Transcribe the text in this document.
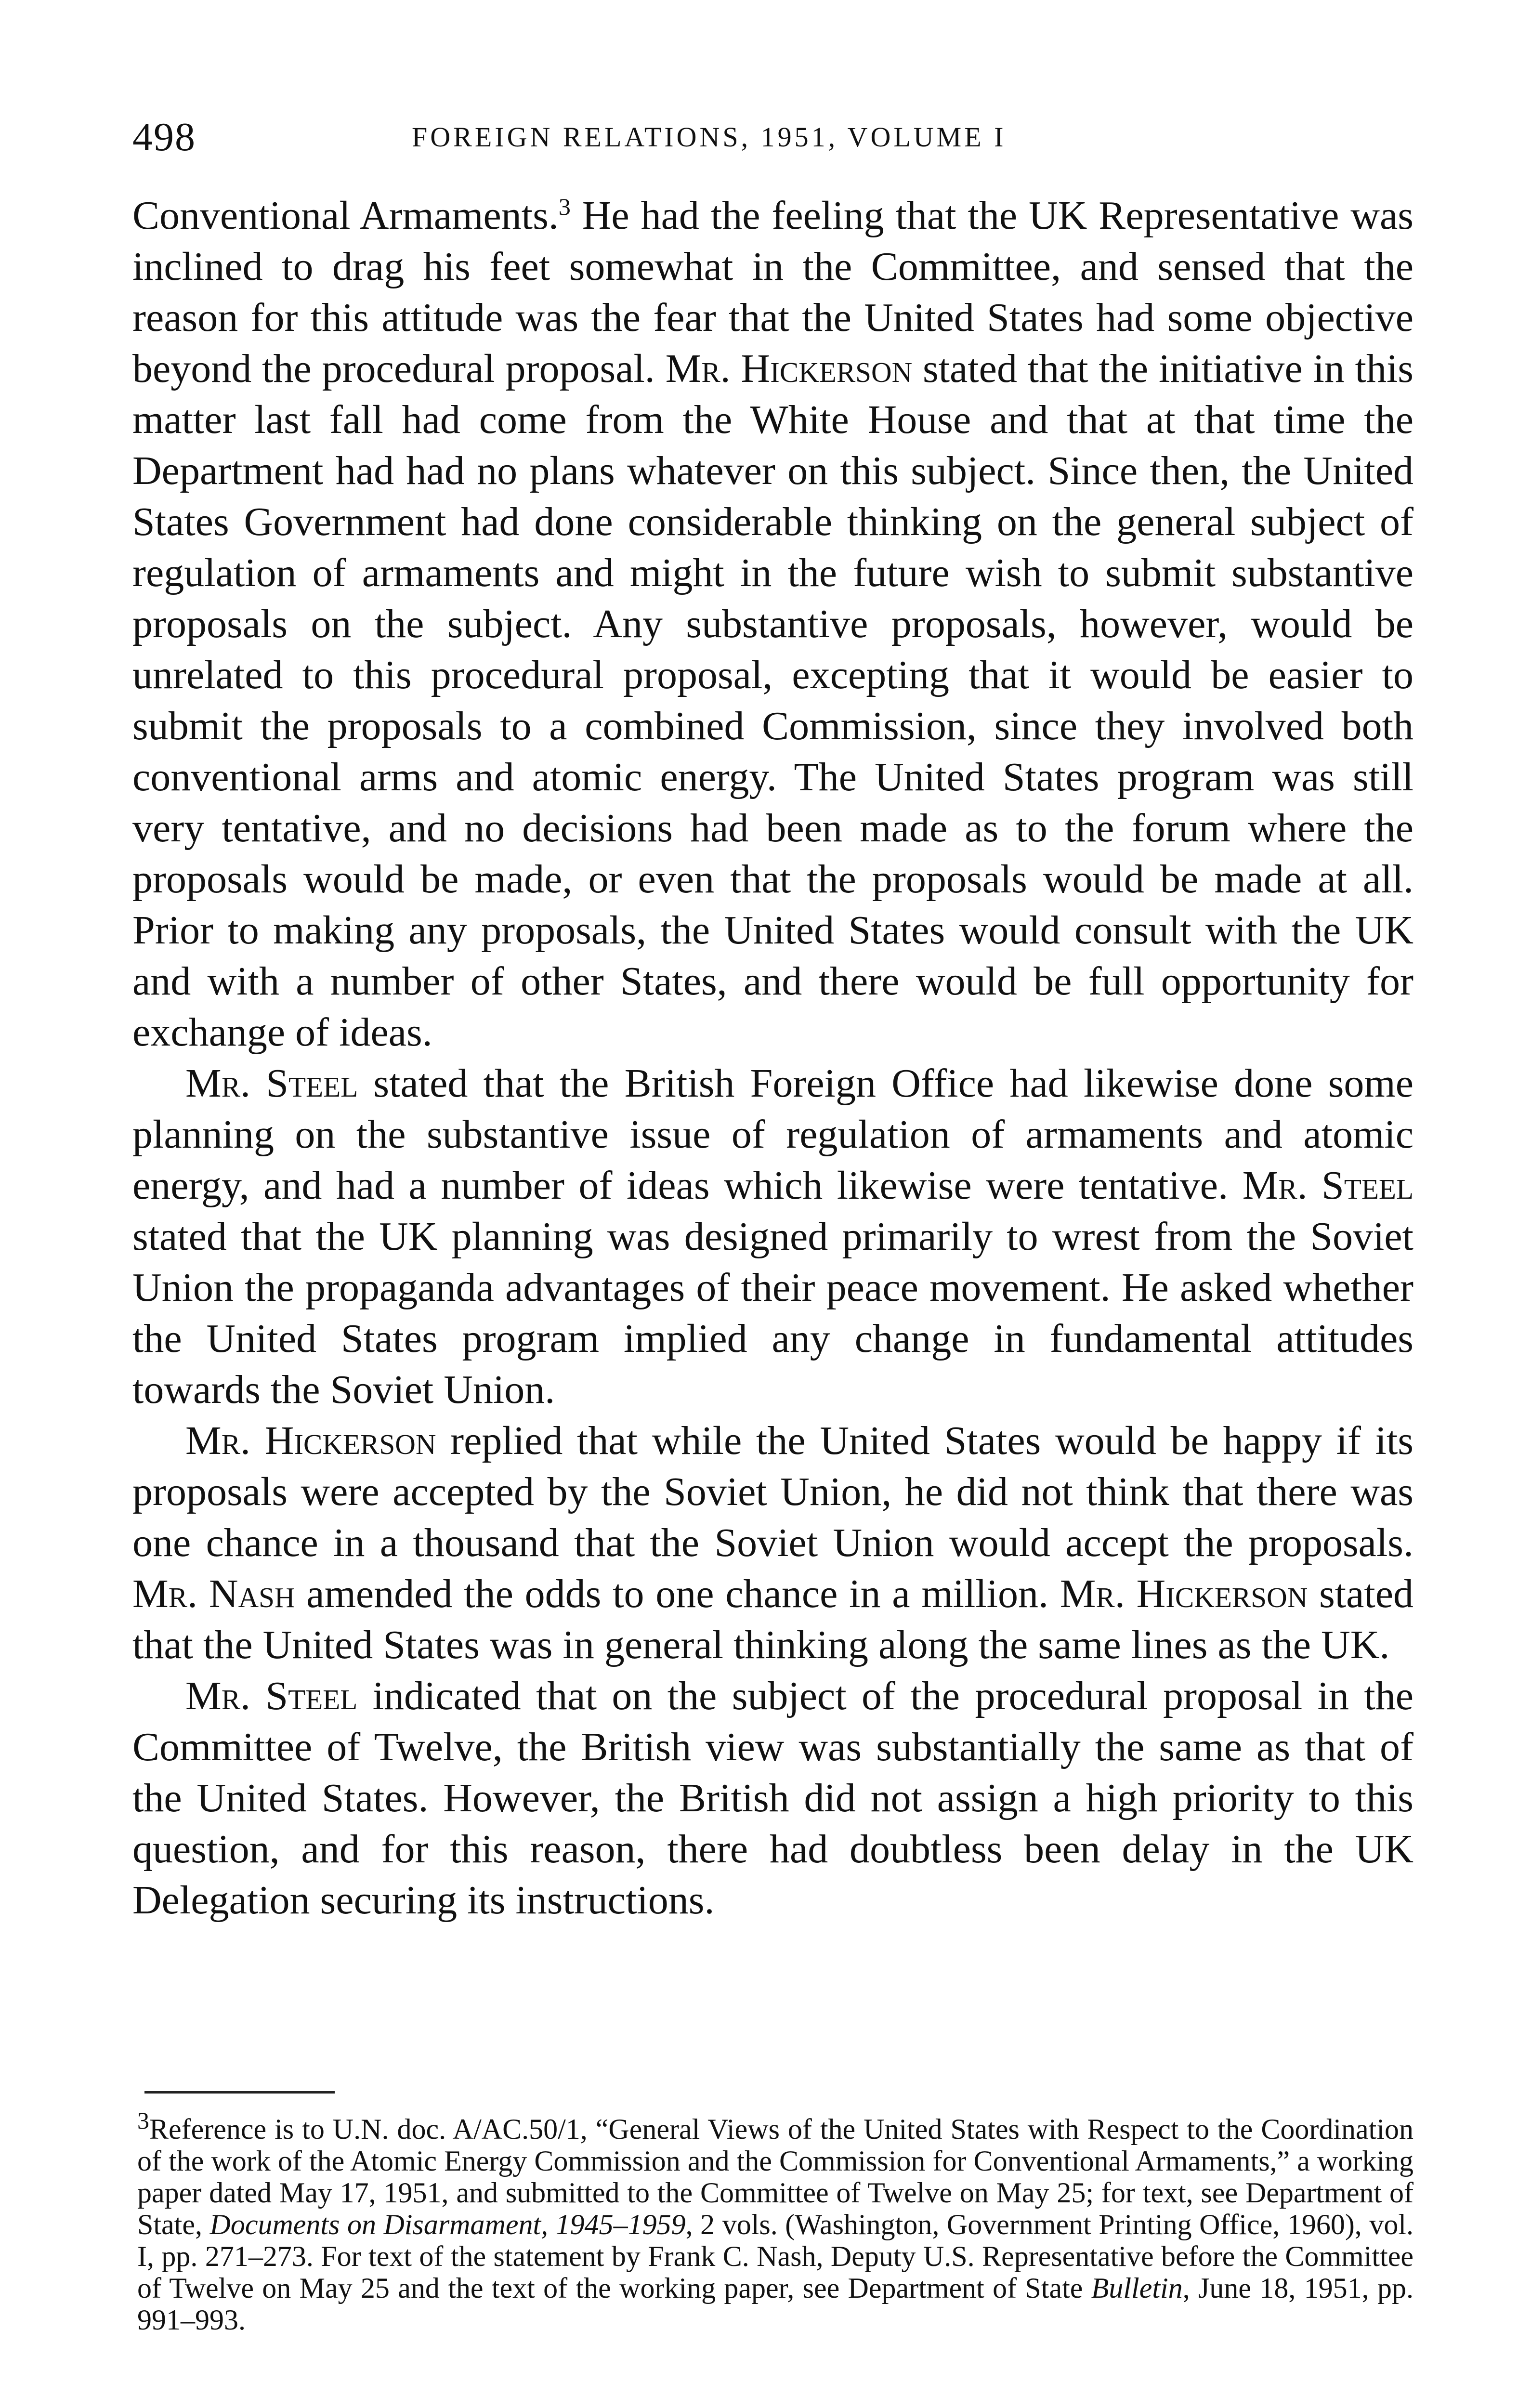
498	FOREIGN RELATIONS, 1951, VOLUME I

Conventional Armaments.$^3$ He had the feeling that the UK Representative was inclined to drag his feet somewhat in the Committee, and sensed that the reason for this attitude was the fear that the United States had some objective beyond the procedural proposal. Mr. Hickerson stated that the initiative in this matter last fall had come from the White House and that at that time the Department had had no plans whatever on this subject. Since then, the United States Government had done considerable thinking on the general subject of regulation of armaments and might in the future wish to submit substantive proposals on the subject. Any substantive proposals, however, would be unrelated to this procedural proposal, excepting that it would be easier to submit the proposals to a combined Commission, since they involved both conventional arms and atomic energy. The United States program was still very tentative, and no decisions had been made as to the forum where the proposals would be made, or even that the proposals would be made at all. Prior to making any proposals, the United States would consult with the UK and with a number of other States, and there would be full opportunity for exchange of ideas.

Mr. Steel stated that the British Foreign Office had likewise done some planning on the substantive issue of regulation of armaments and atomic energy, and had a number of ideas which likewise were tentative. Mr. Steel stated that the UK planning was designed primarily to wrest from the Soviet Union the propaganda advantages of their peace movement. He asked whether the United States program implied any change in fundamental attitudes towards the Soviet Union.

Mr. Hickerson replied that while the United States would be happy if its proposals were accepted by the Soviet Union, he did not think that there was one chance in a thousand that the Soviet Union would accept the proposals. Mr. Nash amended the odds to one chance in a million. Mr. Hickerson stated that the United States was in general thinking along the same lines as the UK.

Mr. Steel indicated that on the subject of the procedural proposal in the Committee of Twelve, the British view was substantially the same as that of the United States. However, the British did not assign a high priority to this question, and for this reason, there had doubtless been delay in the UK Delegation securing its instructions.

$^3$Reference is to U.N. doc. A/AC.50/1, “General Views of the United States with Respect to the Coordination of the work of the Atomic Energy Commission and the Commission for Conventional Armaments,” a working paper dated May 17, 1951, and submitted to the Committee of Twelve on May 25; for text, see Department of State, Documents on Disarmament, 1945–1959, 2 vols. (Washington, Government Printing Office, 1960), vol. I, pp. 271–273. For text of the statement by Frank C. Nash, Deputy U.S. Representative before the Committee of Twelve on May 25 and the text of the working paper, see Department of State Bulletin, June 18, 1951, pp. 991–993.
